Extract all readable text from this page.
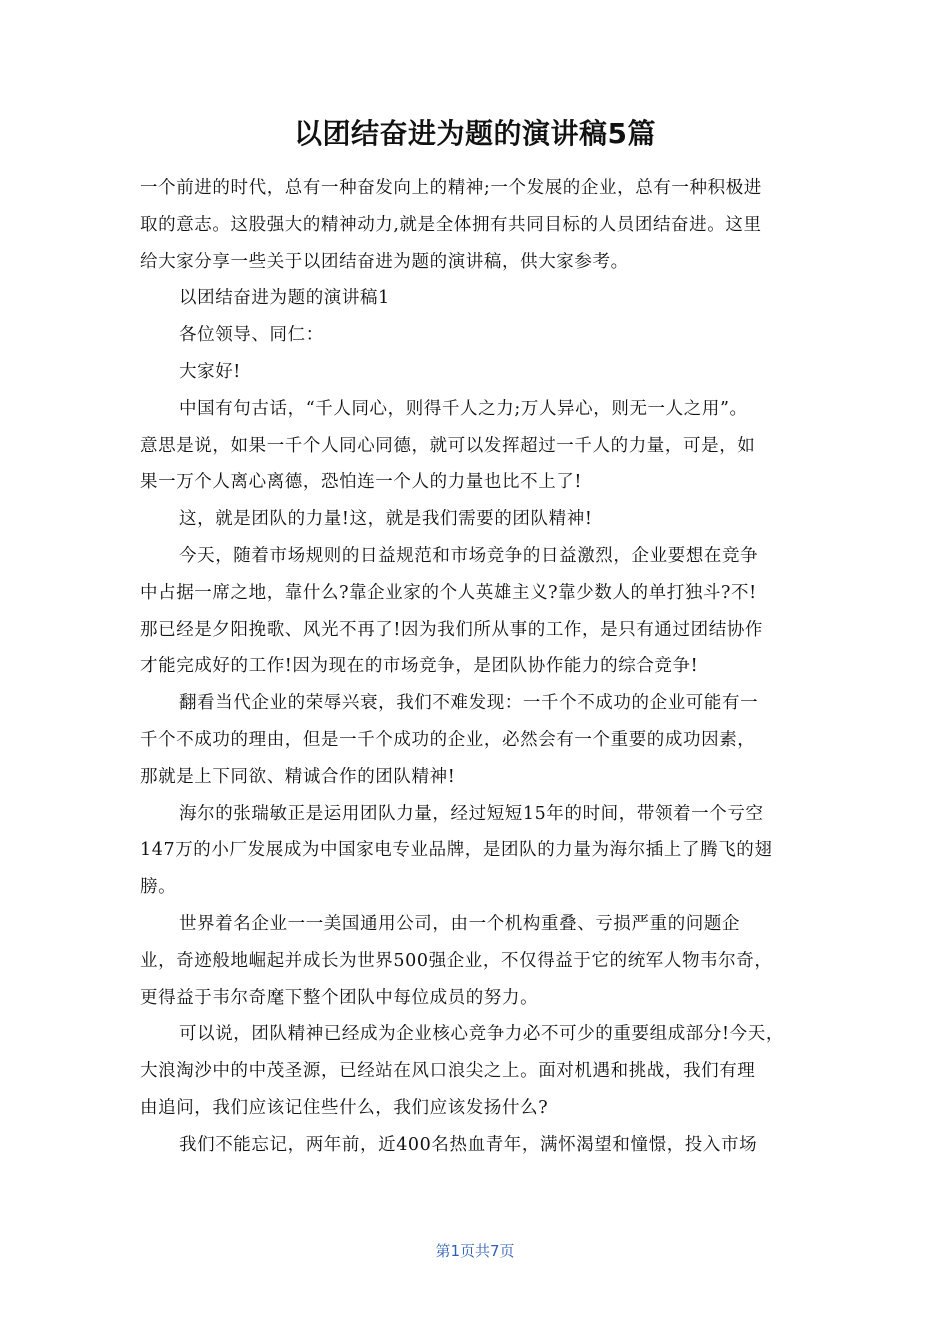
以团结奋进为题的演讲稿5篇

一个前进的时代，总有一种奋发向上的精神;一个发展的企业，总有一种积极进

取的意志。这股强大的精神动力,就是全体拥有共同目标的人员团结奋进。这里

给大家分享一些关于以团结奋进为题的演讲稿，供大家参考。

以团结奋进为题的演讲稿1

各位领导、同仁：

大家好!

中国有句古话，“千人同心，则得千人之力;万人异心，则无一人之用”。

意思是说，如果一千个人同心同德，就可以发挥超过一千人的力量，可是，如

果一万个人离心离德，恐怕连一个人的力量也比不上了!

这，就是团队的力量!这，就是我们需要的团队精神!

今天，随着市场规则的日益规范和市场竞争的日益激烈，企业要想在竞争

中占据一席之地，靠什么?靠企业家的个人英雄主义?靠少数人的单打独斗?不!

那已经是夕阳挽歌、风光不再了!因为我们所从事的工作，是只有通过团结协作

才能完成好的工作!因为现在的市场竞争，是团队协作能力的综合竞争!

翻看当代企业的荣辱兴衰，我们不难发现：一千个不成功的企业可能有一

千个不成功的理由，但是一千个成功的企业，必然会有一个重要的成功因素，

那就是上下同欲、精诚合作的团队精神!

海尔的张瑞敏正是运用团队力量，经过短短15年的时间，带领着一个亏空

147万的小厂发展成为中国家电专业品牌，是团队的力量为海尔插上了腾飞的翅

膀。

世界着名企业一一美国通用公司，由一个机构重叠、亏损严重的问题企

业，奇迹般地崛起并成长为世界500强企业，不仅得益于它的统军人物韦尔奇，

更得益于韦尔奇麾下整个团队中每位成员的努力。

可以说，团队精神已经成为企业核心竞争力必不可少的重要组成部分!今天，

大浪淘沙中的中茂圣源，已经站在风口浪尖之上。面对机遇和挑战，我们有理

由追问，我们应该记住些什么，我们应该发扬什么?

我们不能忘记，两年前，近400名热血青年，满怀渴望和憧憬，投入市场

第1页共7页
